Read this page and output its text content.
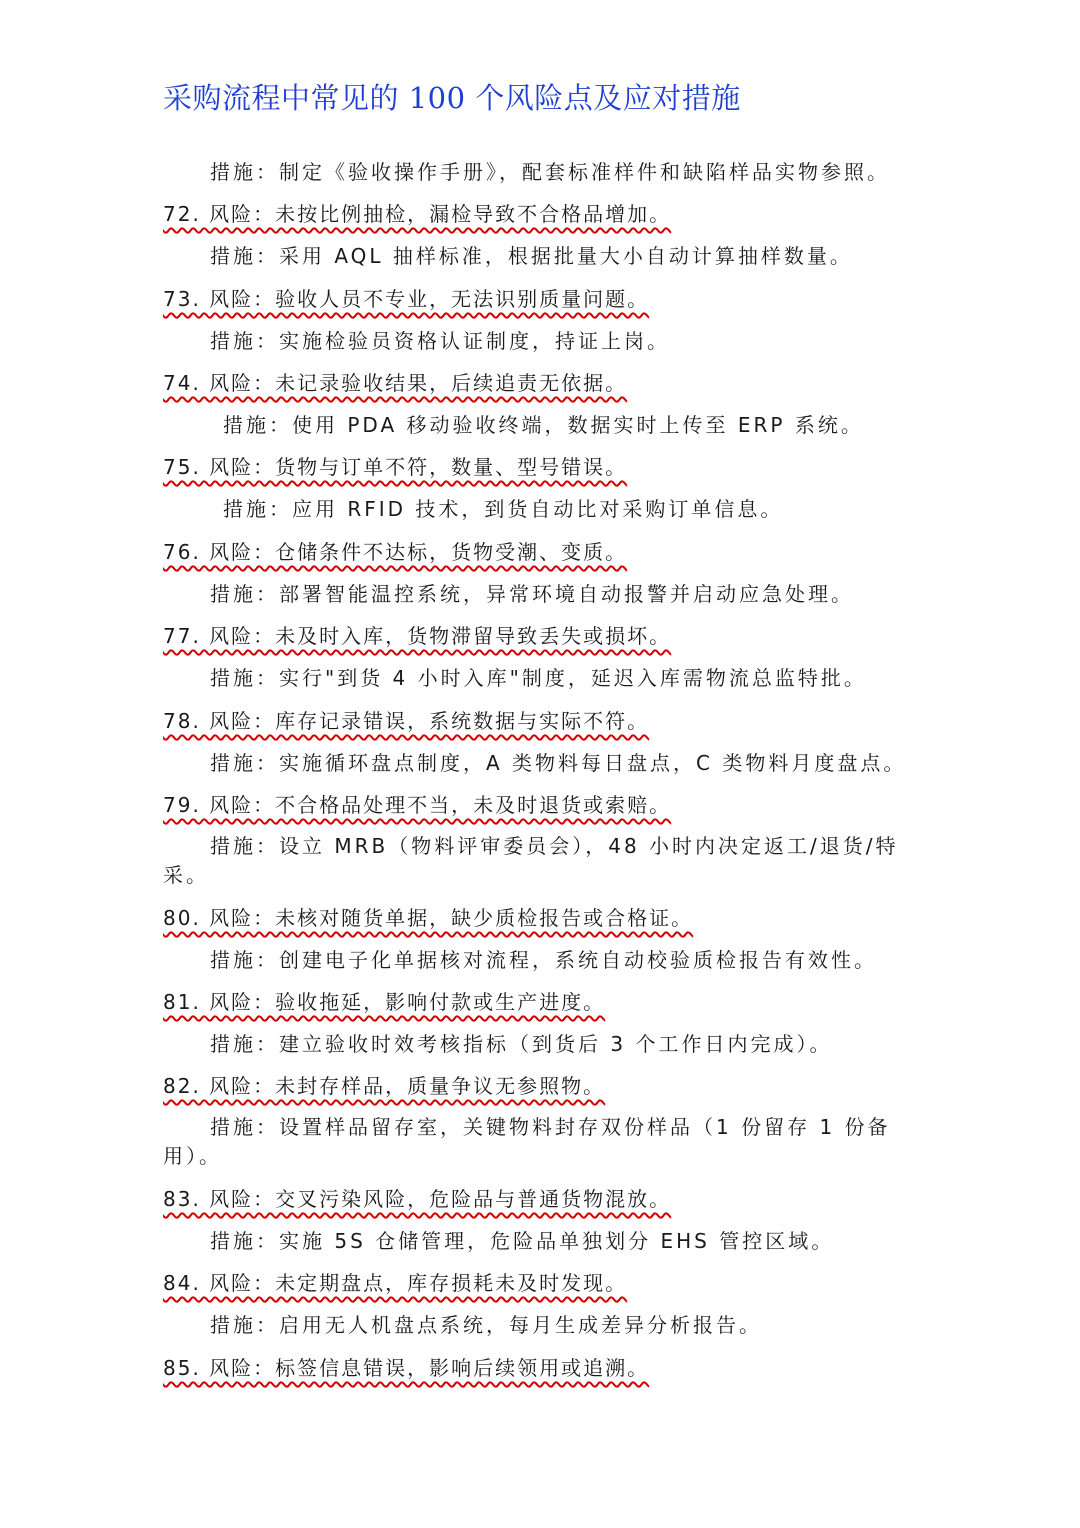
采购流程中常见的 100 个风险点及应对措施
措施：制定《验收操作手册》，配套标准样件和缺陷样品实物参照。
72. 风险：未按比例抽检，漏检导致不合格品增加。
措施：采用 AQL 抽样标准，根据批量大小自动计算抽样数量。
73. 风险：验收人员不专业，无法识别质量问题。
措施：实施检验员资格认证制度，持证上岗。
74. 风险：未记录验收结果，后续追责无依据。
措施：使用 PDA 移动验收终端，数据实时上传至 ERP 系统。
75. 风险：货物与订单不符，数量、型号错误。
措施：应用 RFID 技术，到货自动比对采购订单信息。
76. 风险：仓储条件不达标，货物受潮、变质。
措施：部署智能温控系统，异常环境自动报警并启动应急处理。
77. 风险：未及时入库，货物滞留导致丢失或损坏。
措施：实行"到货 4 小时入库"制度，延迟入库需物流总监特批。
78. 风险：库存记录错误，系统数据与实际不符。
措施：实施循环盘点制度，A 类物料每日盘点，C 类物料月度盘点。
79. 风险：不合格品处理不当，未及时退货或索赔。
措施：设立 MRB（物料评审委员会），48 小时内决定返工/退货/特采。
80. 风险：未核对随货单据，缺少质检报告或合格证。
措施：创建电子化单据核对流程，系统自动校验质检报告有效性。
81. 风险：验收拖延，影响付款或生产进度。
措施：建立验收时效考核指标（到货后 3 个工作日内完成）。
82. 风险：未封存样品，质量争议无参照物。
措施：设置样品留存室，关键物料封存双份样品（1 份留存 1 份备用）。
83. 风险：交叉污染风险，危险品与普通货物混放。
措施：实施 5S 仓储管理，危险品单独划分 EHS 管控区域。
84. 风险：未定期盘点，库存损耗未及时发现。
措施：启用无人机盘点系统，每月生成差异分析报告。
85. 风险：标签信息错误，影响后续领用或追溯。
